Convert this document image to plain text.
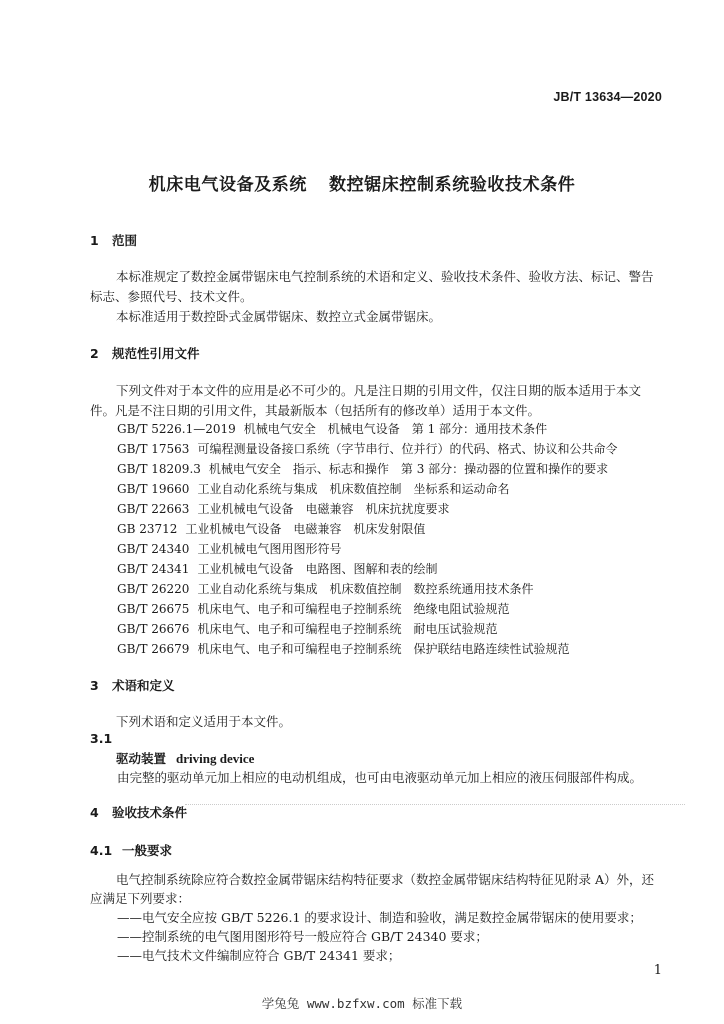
JB/T 13634—2020
机床电气设备及系统 数控锯床控制系统验收技术条件
1 范围
本标准规定了数控金属带锯床电气控制系统的术语和定义、验收技术条件、验收方法、标记、警告
标志、参照代号、技术文件。
本标准适用于数控卧式金属带锯床、数控立式金属带锯床。
2 规范性引用文件
下列文件对于本文件的应用是必不可少的。凡是注日期的引用文件，仅注日期的版本适用于本文
件。凡是不注日期的引用文件，其最新版本（包括所有的修改单）适用于本文件。
GB/T 5226.1—2019 机械电气安全　机械电气设备　第 1 部分：通用技术条件
GB/T 17563 可编程测量设备接口系统（字节串行、位并行）的代码、格式、协议和公共命令
GB/T 18209.3 机械电气安全　指示、标志和操作　第 3 部分：操动器的位置和操作的要求
GB/T 19660 工业自动化系统与集成　机床数值控制　坐标系和运动命名
GB/T 22663 工业机械电气设备　电磁兼容　机床抗扰度要求
GB 23712 工业机械电气设备　电磁兼容　机床发射限值
GB/T 24340 工业机械电气图用图形符号
GB/T 24341 工业机械电气设备　电路图、图解和表的绘制
GB/T 26220 工业自动化系统与集成　机床数值控制　数控系统通用技术条件
GB/T 26675 机床电气、电子和可编程电子控制系统　绝缘电阻试验规范
GB/T 26676 机床电气、电子和可编程电子控制系统　耐电压试验规范
GB/T 26679 机床电气、电子和可编程电子控制系统　保护联结电路连续性试验规范
3 术语和定义
下列术语和定义适用于本文件。
3.1
驱动装置 driving device
由完整的驱动单元加上相应的电动机组成，也可由电液驱动单元加上相应的液压伺服部件构成。
4 验收技术条件
4.1 一般要求
电气控制系统除应符合数控金属带锯床结构特征要求（数控金属带锯床结构特征见附录 A）外，还
应满足下列要求：
——电气安全应按 GB/T 5226.1 的要求设计、制造和验收，满足数控金属带锯床的使用要求；
——控制系统的电气图用图形符号一般应符合 GB/T 24340 要求；
——电气技术文件编制应符合 GB/T 24341 要求；
1
学兔兔 www.bzfxw.com 标准下载
